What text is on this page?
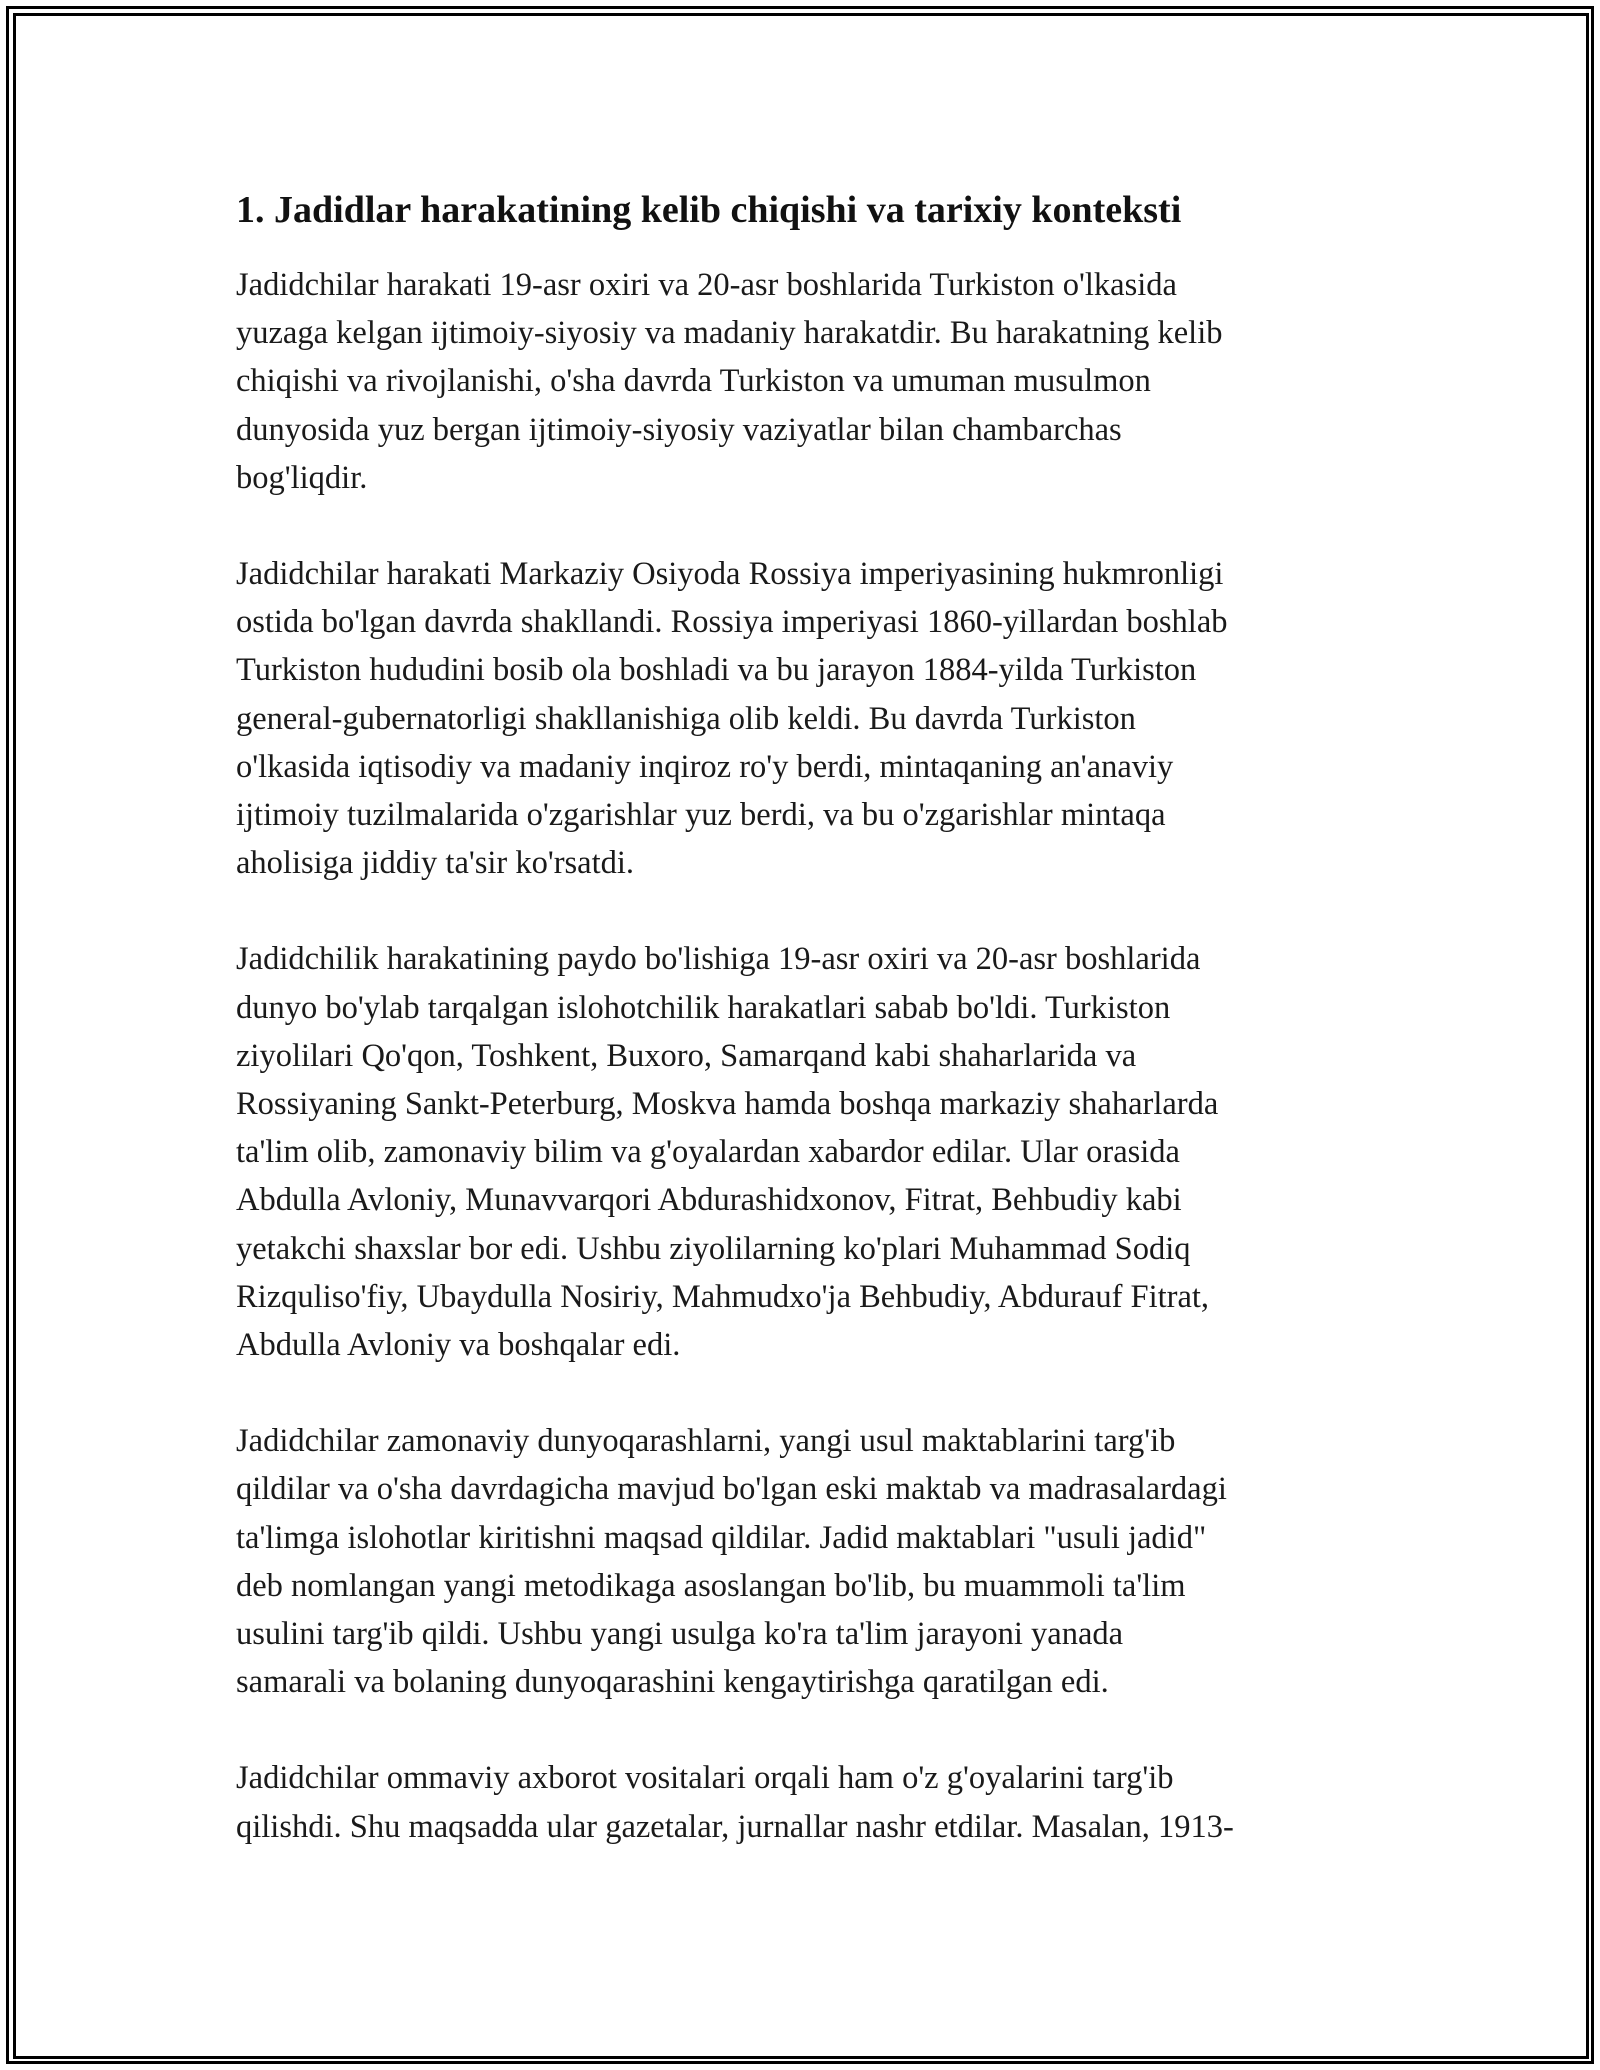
1. Jadidlar harakatining kelib chiqishi va tarixiy konteksti

Jadidchilar harakati 19-asr oxiri va 20-asr boshlarida Turkiston o'lkasida
yuzaga kelgan ijtimoiy-siyosiy va madaniy harakatdir. Bu harakatning kelib
chiqishi va rivojlanishi, o'sha davrda Turkiston va umuman musulmon
dunyosida yuz bergan ijtimoiy-siyosiy vaziyatlar bilan chambarchas
bog'liqdir.

Jadidchilar harakati Markaziy Osiyoda Rossiya imperiyasining hukmronligi
ostida bo'lgan davrda shakllandi. Rossiya imperiyasi 1860-yillardan boshlab
Turkiston hududini bosib ola boshladi va bu jarayon 1884-yilda Turkiston
general-gubernatorligi shakllanishiga olib keldi. Bu davrda Turkiston
o'lkasida iqtisodiy va madaniy inqiroz ro'y berdi, mintaqaning an'anaviy
ijtimoiy tuzilmalarida o'zgarishlar yuz berdi, va bu o'zgarishlar mintaqa
aholisiga jiddiy ta'sir ko'rsatdi.

Jadidchilik harakatining paydo bo'lishiga 19-asr oxiri va 20-asr boshlarida
dunyo bo'ylab tarqalgan islohotchilik harakatlari sabab bo'ldi. Turkiston
ziyolilari Qo'qon, Toshkent, Buxoro, Samarqand kabi shaharlarida va
Rossiyaning Sankt-Peterburg, Moskva hamda boshqa markaziy shaharlarda
ta'lim olib, zamonaviy bilim va g'oyalardan xabardor edilar. Ular orasida
Abdulla Avloniy, Munavvarqori Abdurashidxonov, Fitrat, Behbudiy kabi
yetakchi shaxslar bor edi. Ushbu ziyolilarning ko'plari Muhammad Sodiq
Rizquliso'fiy, Ubaydulla Nosiriy, Mahmudxo'ja Behbudiy, Abdurauf Fitrat,
Abdulla Avloniy va boshqalar edi.

Jadidchilar zamonaviy dunyoqarashlarni, yangi usul maktablarini targ'ib
qildilar va o'sha davrdagicha mavjud bo'lgan eski maktab va madrasalardagi
ta'limga islohotlar kiritishni maqsad qildilar. Jadid maktablari "usuli jadid"
deb nomlangan yangi metodikaga asoslangan bo'lib, bu muammoli ta'lim
usulini targ'ib qildi. Ushbu yangi usulga ko'ra ta'lim jarayoni yanada
samarali va bolaning dunyoqarashini kengaytirishga qaratilgan edi.

Jadidchilar ommaviy axborot vositalari orqali ham o'z g'oyalarini targ'ib
qilishdi. Shu maqsadda ular gazetalar, jurnallar nashr etdilar. Masalan, 1913-
